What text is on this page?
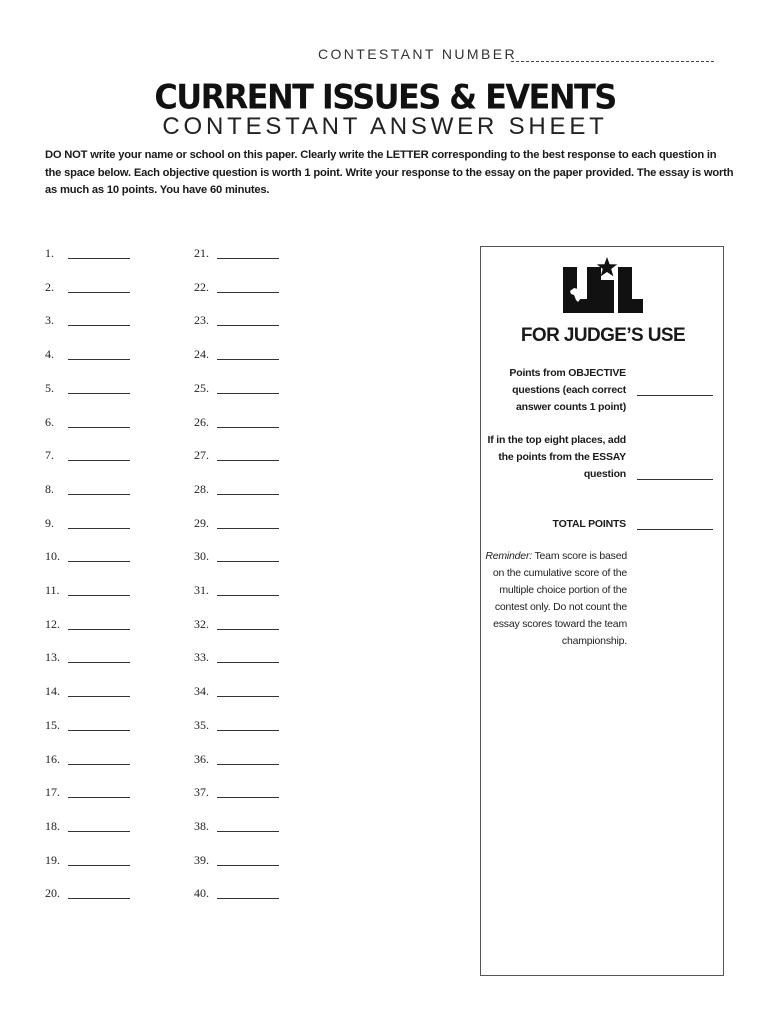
CONTESTANT NUMBER
CURRENT ISSUES & EVENTS
CONTESTANT ANSWER SHEET
DO NOT write your name or school on this paper. Clearly write the LETTER corresponding to the best response to each question in the space below. Each objective question is worth 1 point. Write your response to the essay on the paper provided. The essay is worth as much as 10 points. You have 60 minutes.
1.
2.
3.
4.
5.
6.
7.
8.
9.
10.
11.
12.
13.
14.
15.
16.
17.
18.
19.
20.
21.
22.
23.
24.
25.
26.
27.
28.
29.
30.
31.
32.
33.
34.
35.
36.
37.
38.
39.
40.
FOR JUDGE’S USE
Points from OBJECTIVE questions (each correct answer counts 1 point)
If in the top eight places, add the points from the ESSAY question
TOTAL POINTS
Reminder: Team score is based on the cumulative score of the multiple choice portion of the contest only. Do not count the essay scores toward the team championship.
